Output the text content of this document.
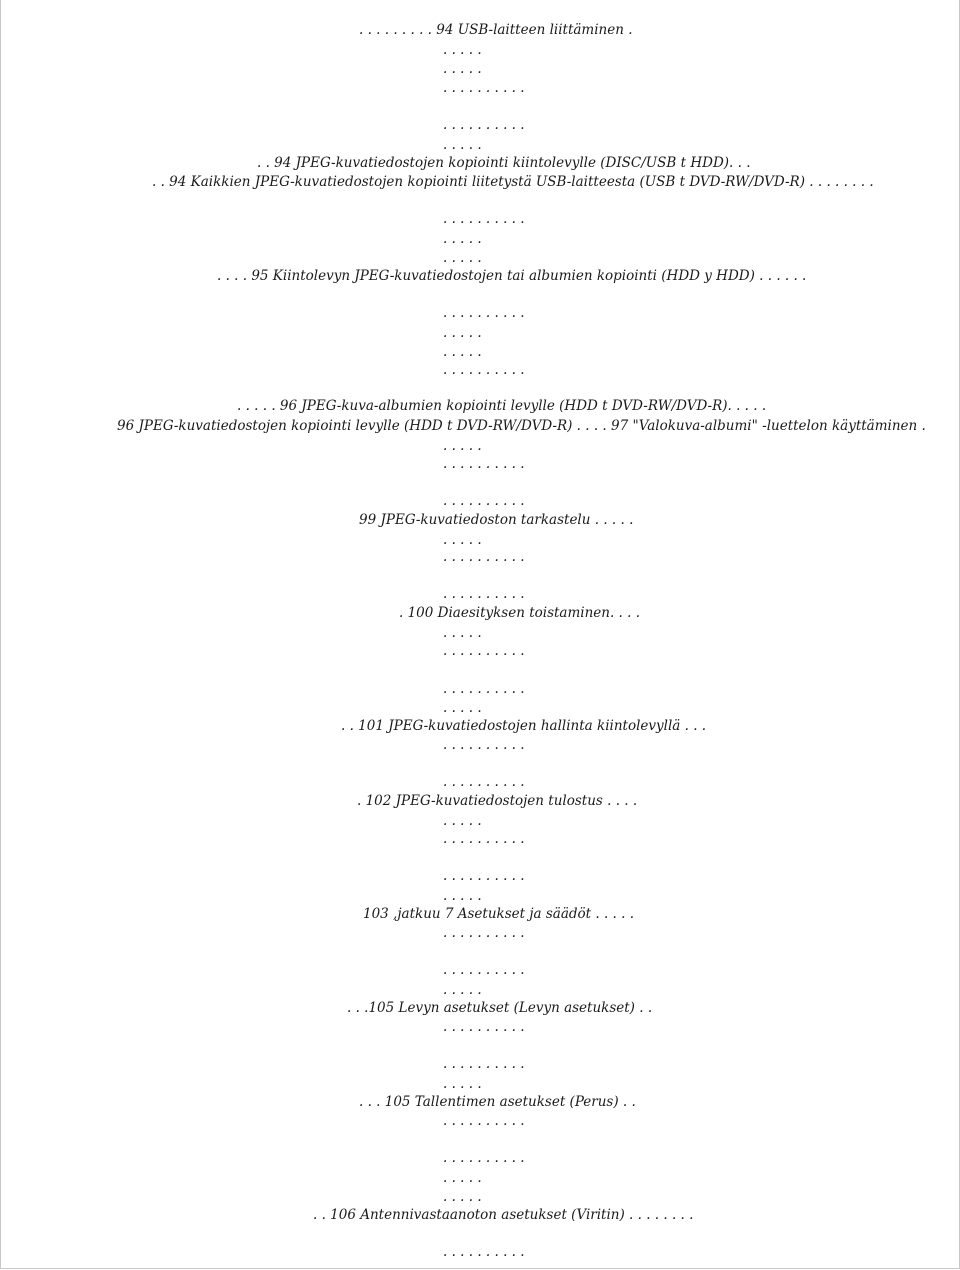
. . . . . . . . . 94 USB-laitteen liittäminen .
. . . . .
. . . . .
. . . . . . . . . .
. . . . . . . . . .
. . . . .
. . 94 JPEG-kuvatiedostojen kopiointi kiintolevylle (DISC/USB t HDD). . .
. . 94 Kaikkien JPEG-kuvatiedostojen kopiointi liitetystä USB-laitteesta (USB t DVD-RW/DVD-R) . . . . . . . .
. . . . . . . . . .
. . . . .
. . . . .
. . . . 95 Kiintolevyn JPEG-kuvatiedostojen tai albumien kopiointi (HDD y HDD) . . . . . .
. . . . . . . . . .
. . . . .
. . . . .
. . . . . . . . . .
. . . . . 96 JPEG-kuva-albumien kopiointi levylle (HDD t DVD-RW/DVD-R). . . . .
96 JPEG-kuvatiedostojen kopiointi levylle (HDD t DVD-RW/DVD-R) . . . . 97 "Valokuva-albumi" -luettelon käyttäminen .
. . . . .
. . . . . . . . . .
. . . . . . . . . .
99 JPEG-kuvatiedoston tarkastelu . . . . .
. . . . .
. . . . . . . . . .
. . . . . . . . . .
. 100 Diaesityksen toistaminen. . . .
. . . . .
. . . . . . . . . .
. . . . . . . . . .
. . . . .
. . 101 JPEG-kuvatiedostojen hallinta kiintolevyllä . . .
. . . . . . . . . .
. . . . . . . . . .
. 102 JPEG-kuvatiedostojen tulostus . . . .
. . . . .
. . . . . . . . . .
. . . . . . . . . .
. . . . .
103 ,jatkuu 7 Asetukset ja säädöt . . . . .
. . . . . . . . . .
. . . . . . . . . .
. . . . .
. . .105 Levyn asetukset (Levyn asetukset) . .
. . . . . . . . . .
. . . . . . . . . .
. . . . .
. . . 105 Tallentimen asetukset (Perus) . .
. . . . . . . . . .
. . . . . . . . . .
. . . . .
. . . . .
. . 106 Antennivastaanoton asetukset (Viritin) . . . . . . . .
. . . . . . . . . .
